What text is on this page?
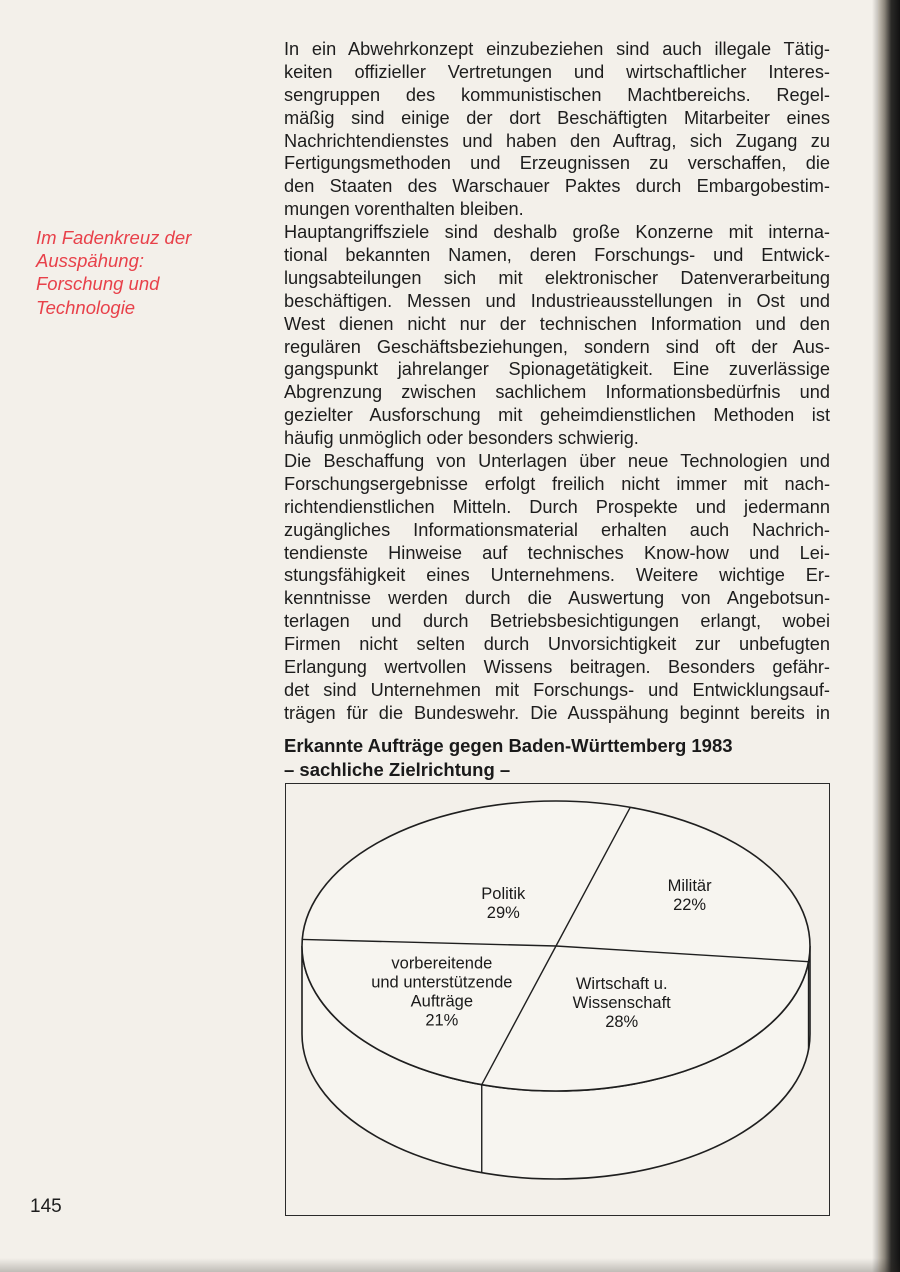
Im Fadenkreuz der
Ausspähung:
Forschung und
Technologie
In ein Abwehrkonzept einzubeziehen sind auch illegale Tätig-
keiten offizieller Vertretungen und wirtschaftlicher Interes-
sengruppen des kommunistischen Machtbereichs. Regel-
mäßig sind einige der dort Beschäftigten Mitarbeiter eines
Nachrichtendienstes und haben den Auftrag, sich Zugang zu
Fertigungsmethoden und Erzeugnissen zu verschaffen, die
den Staaten des Warschauer Paktes durch Embargobestim-
mungen vorenthalten bleiben.
Hauptangriffsziele sind deshalb große Konzerne mit interna-
tional bekannten Namen, deren Forschungs- und Entwick-
lungsabteilungen sich mit elektronischer Datenverarbeitung
beschäftigen. Messen und Industrieausstellungen in Ost und
West dienen nicht nur der technischen Information und den
regulären Geschäftsbeziehungen, sondern sind oft der Aus-
gangspunkt jahrelanger Spionagetätigkeit. Eine zuverlässige
Abgrenzung zwischen sachlichem Informationsbedürfnis und
gezielter Ausforschung mit geheimdienstlichen Methoden ist
häufig unmöglich oder besonders schwierig.
Die Beschaffung von Unterlagen über neue Technologien und
Forschungsergebnisse erfolgt freilich nicht immer mit nach-
richtendienstlichen Mitteln. Durch Prospekte und jedermann
zugängliches Informationsmaterial erhalten auch Nachrich-
tendienste Hinweise auf technisches Know-how und Lei-
stungsfähigkeit eines Unternehmens. Weitere wichtige Er-
kenntnisse werden durch die Auswertung von Angebotsun-
terlagen und durch Betriebsbesichtigungen erlangt, wobei
Firmen nicht selten durch Unvorsichtigkeit zur unbefugten
Erlangung wertvollen Wissens beitragen. Besonders gefähr-
det sind Unternehmen mit Forschungs- und Entwicklungsauf-
trägen für die Bundeswehr. Die Ausspähung beginnt bereits in
Erkannte Aufträge gegen Baden-Württemberg 1983
– sachliche Zielrichtung –
Wirtschaft u.
Wissenschaft
28%
Militär
22%
Politik
29%
vorbereitende
und unterstützende
Aufträge
21%
145
